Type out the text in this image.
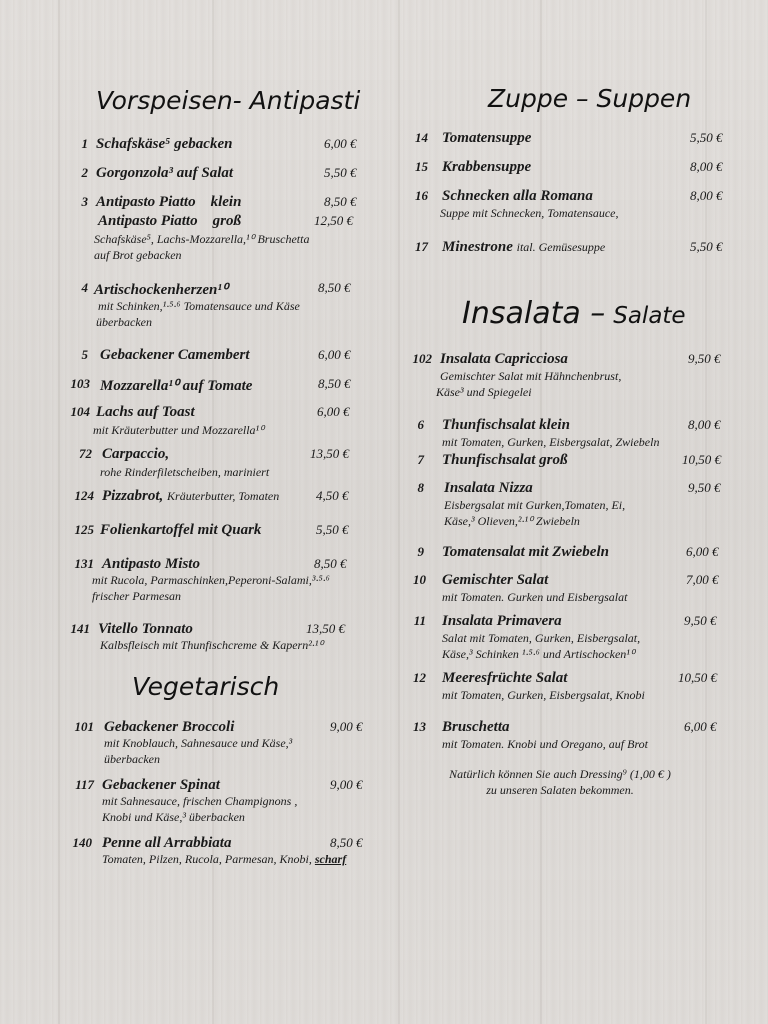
Vorspeisen- Antipasti
1 Schafskäse⁵ gebacken	6,00 €
2 Gorgonzola³ auf Salat	5,50 €
3 Antipasto Piatto    klein	8,50 €
Antipasto Piatto    groß	12,50 €
Schafskäse⁵, Lachs-Mozzarella,¹⁰ Bruschetta
auf Brot gebacken
4 Artischockenherzen¹⁰	8,50 €
mit Schinken,¹·⁵·⁶ Tomatensauce und Käse
überbacken
5 Gebackener Camembert	6,00 €
103 Mozzarella¹⁰ auf Tomate	8,50 €
104 Lachs auf Toast	6,00 €
mit Kräuterbutter und Mozzarella¹⁰
72 Carpaccio,	13,50 €
rohe Rinderfiletscheiben, mariniert
124 Pizzabrot, Kräuterbutter, Tomaten	4,50 €
125 Folienkartoffel mit Quark	5,50 €
131 Antipasto Misto	8,50 €
mit Rucola, Parmaschinken,Peperoni-Salami,³·⁵·⁶
frischer Parmesan
141 Vitello Tonnato	13,50 €
Kalbsfleisch mit Thunfischcreme & Kapern²·¹⁰
Vegetarisch
101 Gebackener Broccoli	9,00 €
mit Knoblauch, Sahnesauce und Käse,³
überbacken
117 Gebackener Spinat	9,00 €
mit Sahnesauce, frischen Champignons ,
Knobi und Käse,³ überbacken
140 Penne all Arrabbiata	8,50 €
Tomaten, Pilzen, Rucola, Parmesan, Knobi, scharf
Zuppe – Suppen
14 Tomatensuppe	5,50 €
15 Krabbensuppe	8,00 €
16 Schnecken alla Romana	8,00 €
Suppe mit Schnecken, Tomatensauce,
17 Minestrone ital. Gemüsesuppe	5,50 €
Insalata – Salate
102 Insalata Capricciosa	9,50 €
Gemischter Salat mit Hähnchenbrust,
Käse³ und Spiegelei
6 Thunfischsalat klein	8,00 €
mit Tomaten, Gurken, Eisbergsalat, Zwiebeln
7 Thunfischsalat groß	10,50 €
8 Insalata Nizza	9,50 €
Eisbergsalat mit Gurken,Tomaten, Ei,
Käse,³ Olieven,²·¹⁰ Zwiebeln
9 Tomatensalat mit Zwiebeln	6,00 €
10 Gemischter Salat	7,00 €
mit Tomaten. Gurken und Eisbergsalat
11 Insalata Primavera	9,50 €
Salat mit Tomaten, Gurken, Eisbergsalat,
Käse,³ Schinken ¹·⁵·⁶ und Artischocken¹⁰
12 Meeresfrüchte Salat	10,50 €
mit Tomaten, Gurken, Eisbergsalat, Knobi
13 Bruschetta	6,00 €
mit Tomaten. Knobi und Oregano, auf Brot
Natürlich können Sie auch Dressing⁹ (1,00 € )
zu unseren Salaten bekommen.
